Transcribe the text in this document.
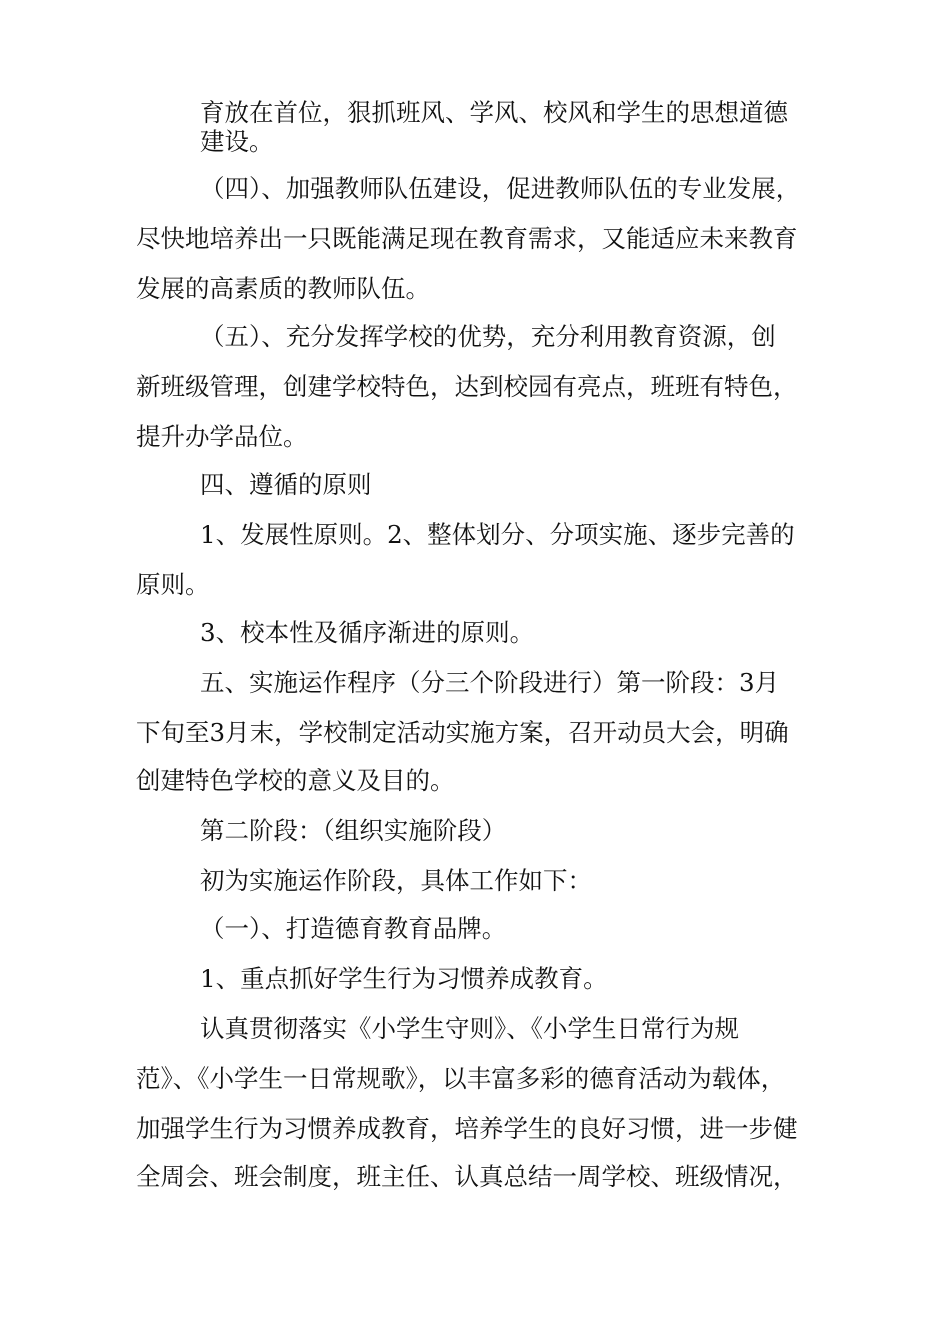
育放在首位，狠抓班风、学风、校风和学生的思想道德
建设。
（四）、加强教师队伍建设，促进教师队伍的专业发展，
尽快地培养出一只既能满足现在教育需求，又能适应未来教育
发展的高素质的教师队伍。
（五）、充分发挥学校的优势，充分利用教育资源，创
新班级管理，创建学校特色，达到校园有亮点，班班有特色，
提升办学品位。
四、遵循的原则
1、发展性原则。2、整体划分、分项实施、逐步完善的
原则。
3、校本性及循序渐进的原则。
五、实施运作程序（分三个阶段进行）第一阶段：3月
下旬至3月末，学校制定活动实施方案，召开动员大会，明确
创建特色学校的意义及目的。
第二阶段：（组织实施阶段）
初为实施运作阶段，具体工作如下：
（一）、打造德育教育品牌。
1、重点抓好学生行为习惯养成教育。
认真贯彻落实《小学生守则》、《小学生日常行为规
范》、《小学生一日常规歌》，以丰富多彩的德育活动为载体，
加强学生行为习惯养成教育，培养学生的良好习惯，进一步健
全周会、班会制度，班主任、认真总结一周学校、班级情况，
